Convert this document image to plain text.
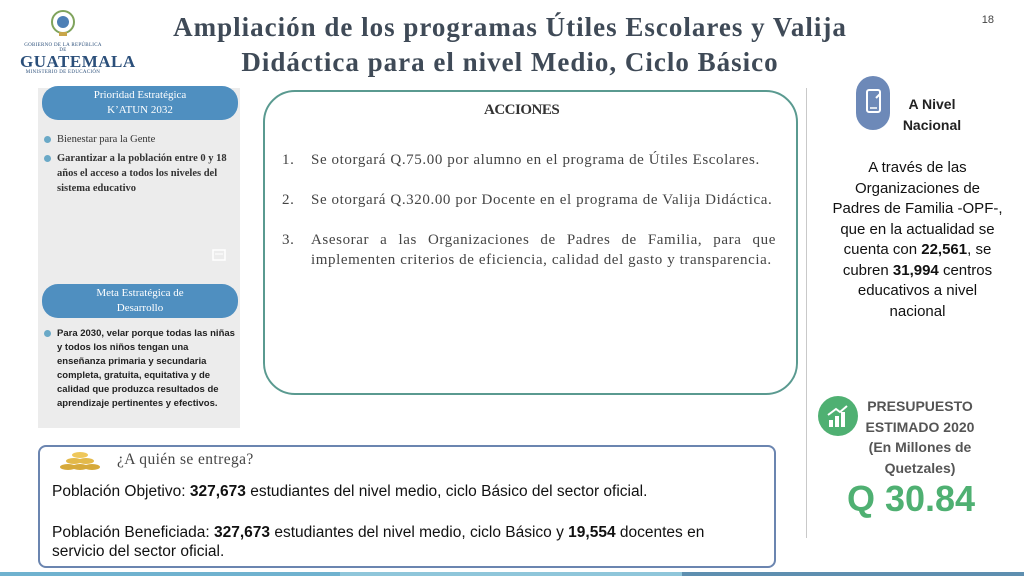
GOBIERNO DE LA REPÚBLICA DE
GUATEMALA
MINISTERIO DE EDUCACIÓN
Ampliación de los programas Útiles Escolares y Valija
Didáctica para el nivel Medio, Ciclo Básico
18
Prioridad Estratégica
K’ATUN 2032
Bienestar para la Gente
Garantizar a la población entre 0 y 18 años el acceso a todos los niveles del sistema educativo
Meta Estratégica de
Desarrollo
Para 2030, velar porque todas las niñas y todos los niños tengan una enseñanza primaria y secundaria completa, gratuita, equitativa y de calidad que produzca resultados de aprendizaje pertinentes y efectivos.
ACCIONES
1.	Se otorgará Q.75.00 por alumno en el programa de Útiles Escolares.
2.	Se otorgará Q.320.00 por Docente en el programa de Valija Didáctica.
3.	Asesorar a las Organizaciones de Padres de Familia, para que implementen criterios de eficiencia, calidad del gasto y transparencia.
A Nivel
Nacional
A través de las Organizaciones de Padres de Familia -OPF-, que en la actualidad se cuenta con 22,561, se cubren 31,994 centros educativos a nivel nacional
PRESUPUESTO
ESTIMADO 2020
(En Millones de
Quetzales)
Q 30.84
¿A quién se entrega?
Población Objetivo: 327,673 estudiantes del nivel medio, ciclo Básico del sector oficial.
Población Beneficiada: 327,673 estudiantes del nivel medio, ciclo Básico y 19,554 docentes en servicio del sector oficial.
